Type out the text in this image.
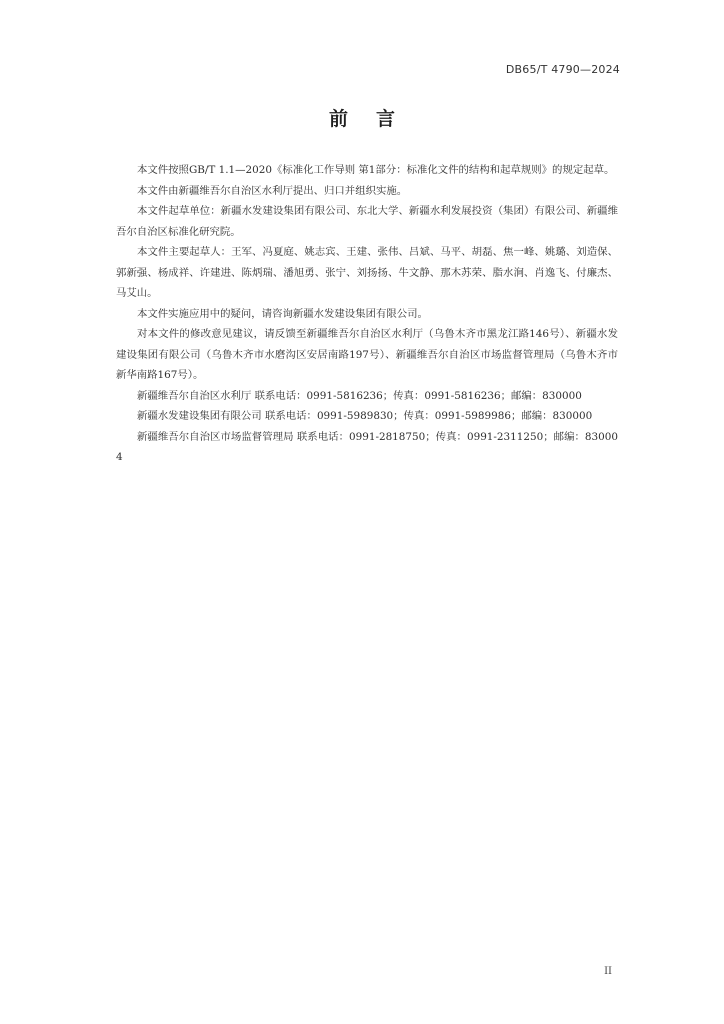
DB65/T 4790—2024
前言

本文件按照GB/T 1.1—2020《标准化工作导则 第1部分：标准化文件的结构和起草规则》的规定起草。

本文件由新疆维吾尔自治区水利厅提出、归口并组织实施。

本文件起草单位：新疆水发建设集团有限公司、东北大学、新疆水利发展投资（集团）有限公司、新疆维吾尔自治区标准化研究院。

本文件主要起草人：王军、冯夏庭、姚志宾、王建、张伟、吕斌、马平、胡磊、焦一峰、姚璐、刘造保、郭新强、杨成祥、许建进、陈炳瑞、潘旭勇、张宁、刘扬扬、牛文静、那木苏荣、脂水涧、肖逸飞、付廉杰、马艾山。

本文件实施应用中的疑问，请咨询新疆水发建设集团有限公司。

对本文件的修改意见建议，请反馈至新疆维吾尔自治区水利厅（乌鲁木齐市黑龙江路146号）、新疆水发建设集团有限公司（乌鲁木齐市水磨沟区安居南路197号）、新疆维吾尔自治区市场监督管理局（乌鲁木齐市新华南路167号）。

新疆维吾尔自治区水利厅 联系电话：0991-5816236；传真：0991-5816236；邮编：830000

新疆水发建设集团有限公司 联系电话：0991-5989830；传真：0991-5989986；邮编：830000

新疆维吾尔自治区市场监督管理局 联系电话：0991-2818750；传真：0991-2311250；邮编：830004

II
